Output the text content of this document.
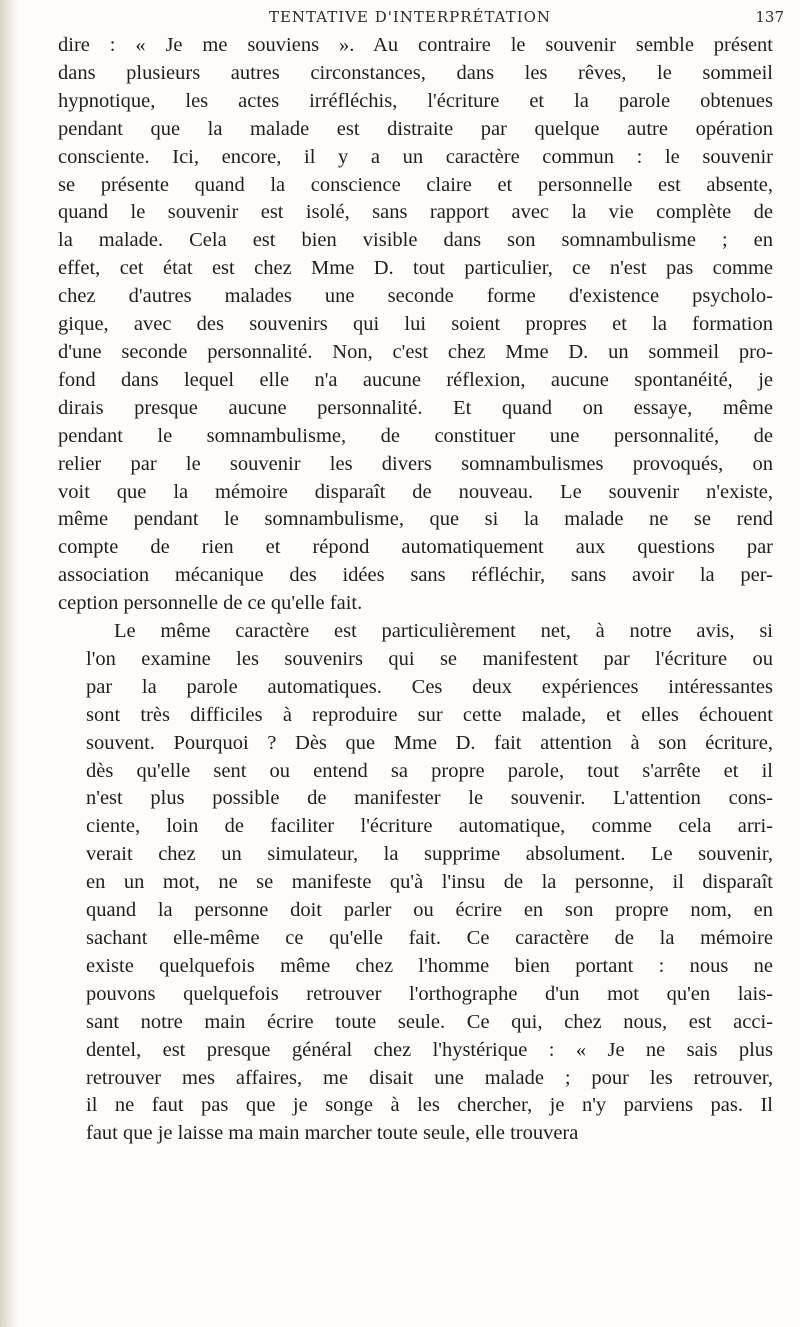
TENTATIVE D'INTERPRÉTATION	137

dire : « Je me souviens ». Au contraire le souvenir semble présent
dans plusieurs autres circonstances, dans les rêves, le sommeil
hypnotique, les actes irréfléchis, l'écriture et la parole obtenues
pendant que la malade est distraite par quelque autre opération
consciente. Ici, encore, il y a un caractère commun : le souvenir
se présente quand la conscience claire et personnelle est absente,
quand le souvenir est isolé, sans rapport avec la vie complète de
la malade. Cela est bien visible dans son somnambulisme ; en
effet, cet état est chez Mme D. tout particulier, ce n'est pas comme
chez d'autres malades une seconde forme d'existence psycholo-
gique, avec des souvenirs qui lui soient propres et la formation
d'une seconde personnalité. Non, c'est chez Mme D. un sommeil pro-
fond dans lequel elle n'a aucune réflexion, aucune spontanéité, je
dirais presque aucune personnalité. Et quand on essaye, même
pendant le somnambulisme, de constituer une personnalité, de
relier par le souvenir les divers somnambulismes provoqués, on
voit que la mémoire disparaît de nouveau. Le souvenir n'existe,
même pendant le somnambulisme, que si la malade ne se rend
compte de rien et répond automatiquement aux questions par
association mécanique des idées sans réfléchir, sans avoir la per-
ception personnelle de ce qu'elle fait.

Le même caractère est particulièrement net, à notre avis, si
l'on examine les souvenirs qui se manifestent par l'écriture ou
par la parole automatiques. Ces deux expériences intéressantes
sont très difficiles à reproduire sur cette malade, et elles échouent
souvent. Pourquoi ? Dès que Mme D. fait attention à son écriture,
dès qu'elle sent ou entend sa propre parole, tout s'arrête et il
n'est plus possible de manifester le souvenir. L'attention cons-
ciente, loin de faciliter l'écriture automatique, comme cela arri-
verait chez un simulateur, la supprime absolument. Le souvenir,
en un mot, ne se manifeste qu'à l'insu de la personne, il disparaît
quand la personne doit parler ou écrire en son propre nom, en
sachant elle-même ce qu'elle fait. Ce caractère de la mémoire
existe quelquefois même chez l'homme bien portant : nous ne
pouvons quelquefois retrouver l'orthographe d'un mot qu'en lais-
sant notre main écrire toute seule. Ce qui, chez nous, est acci-
dentel, est presque général chez l'hystérique : « Je ne sais plus
retrouver mes affaires, me disait une malade ; pour les retrouver,
il ne faut pas que je songe à les chercher, je n'y parviens pas. Il
faut que je laisse ma main marcher toute seule, elle trouvera
